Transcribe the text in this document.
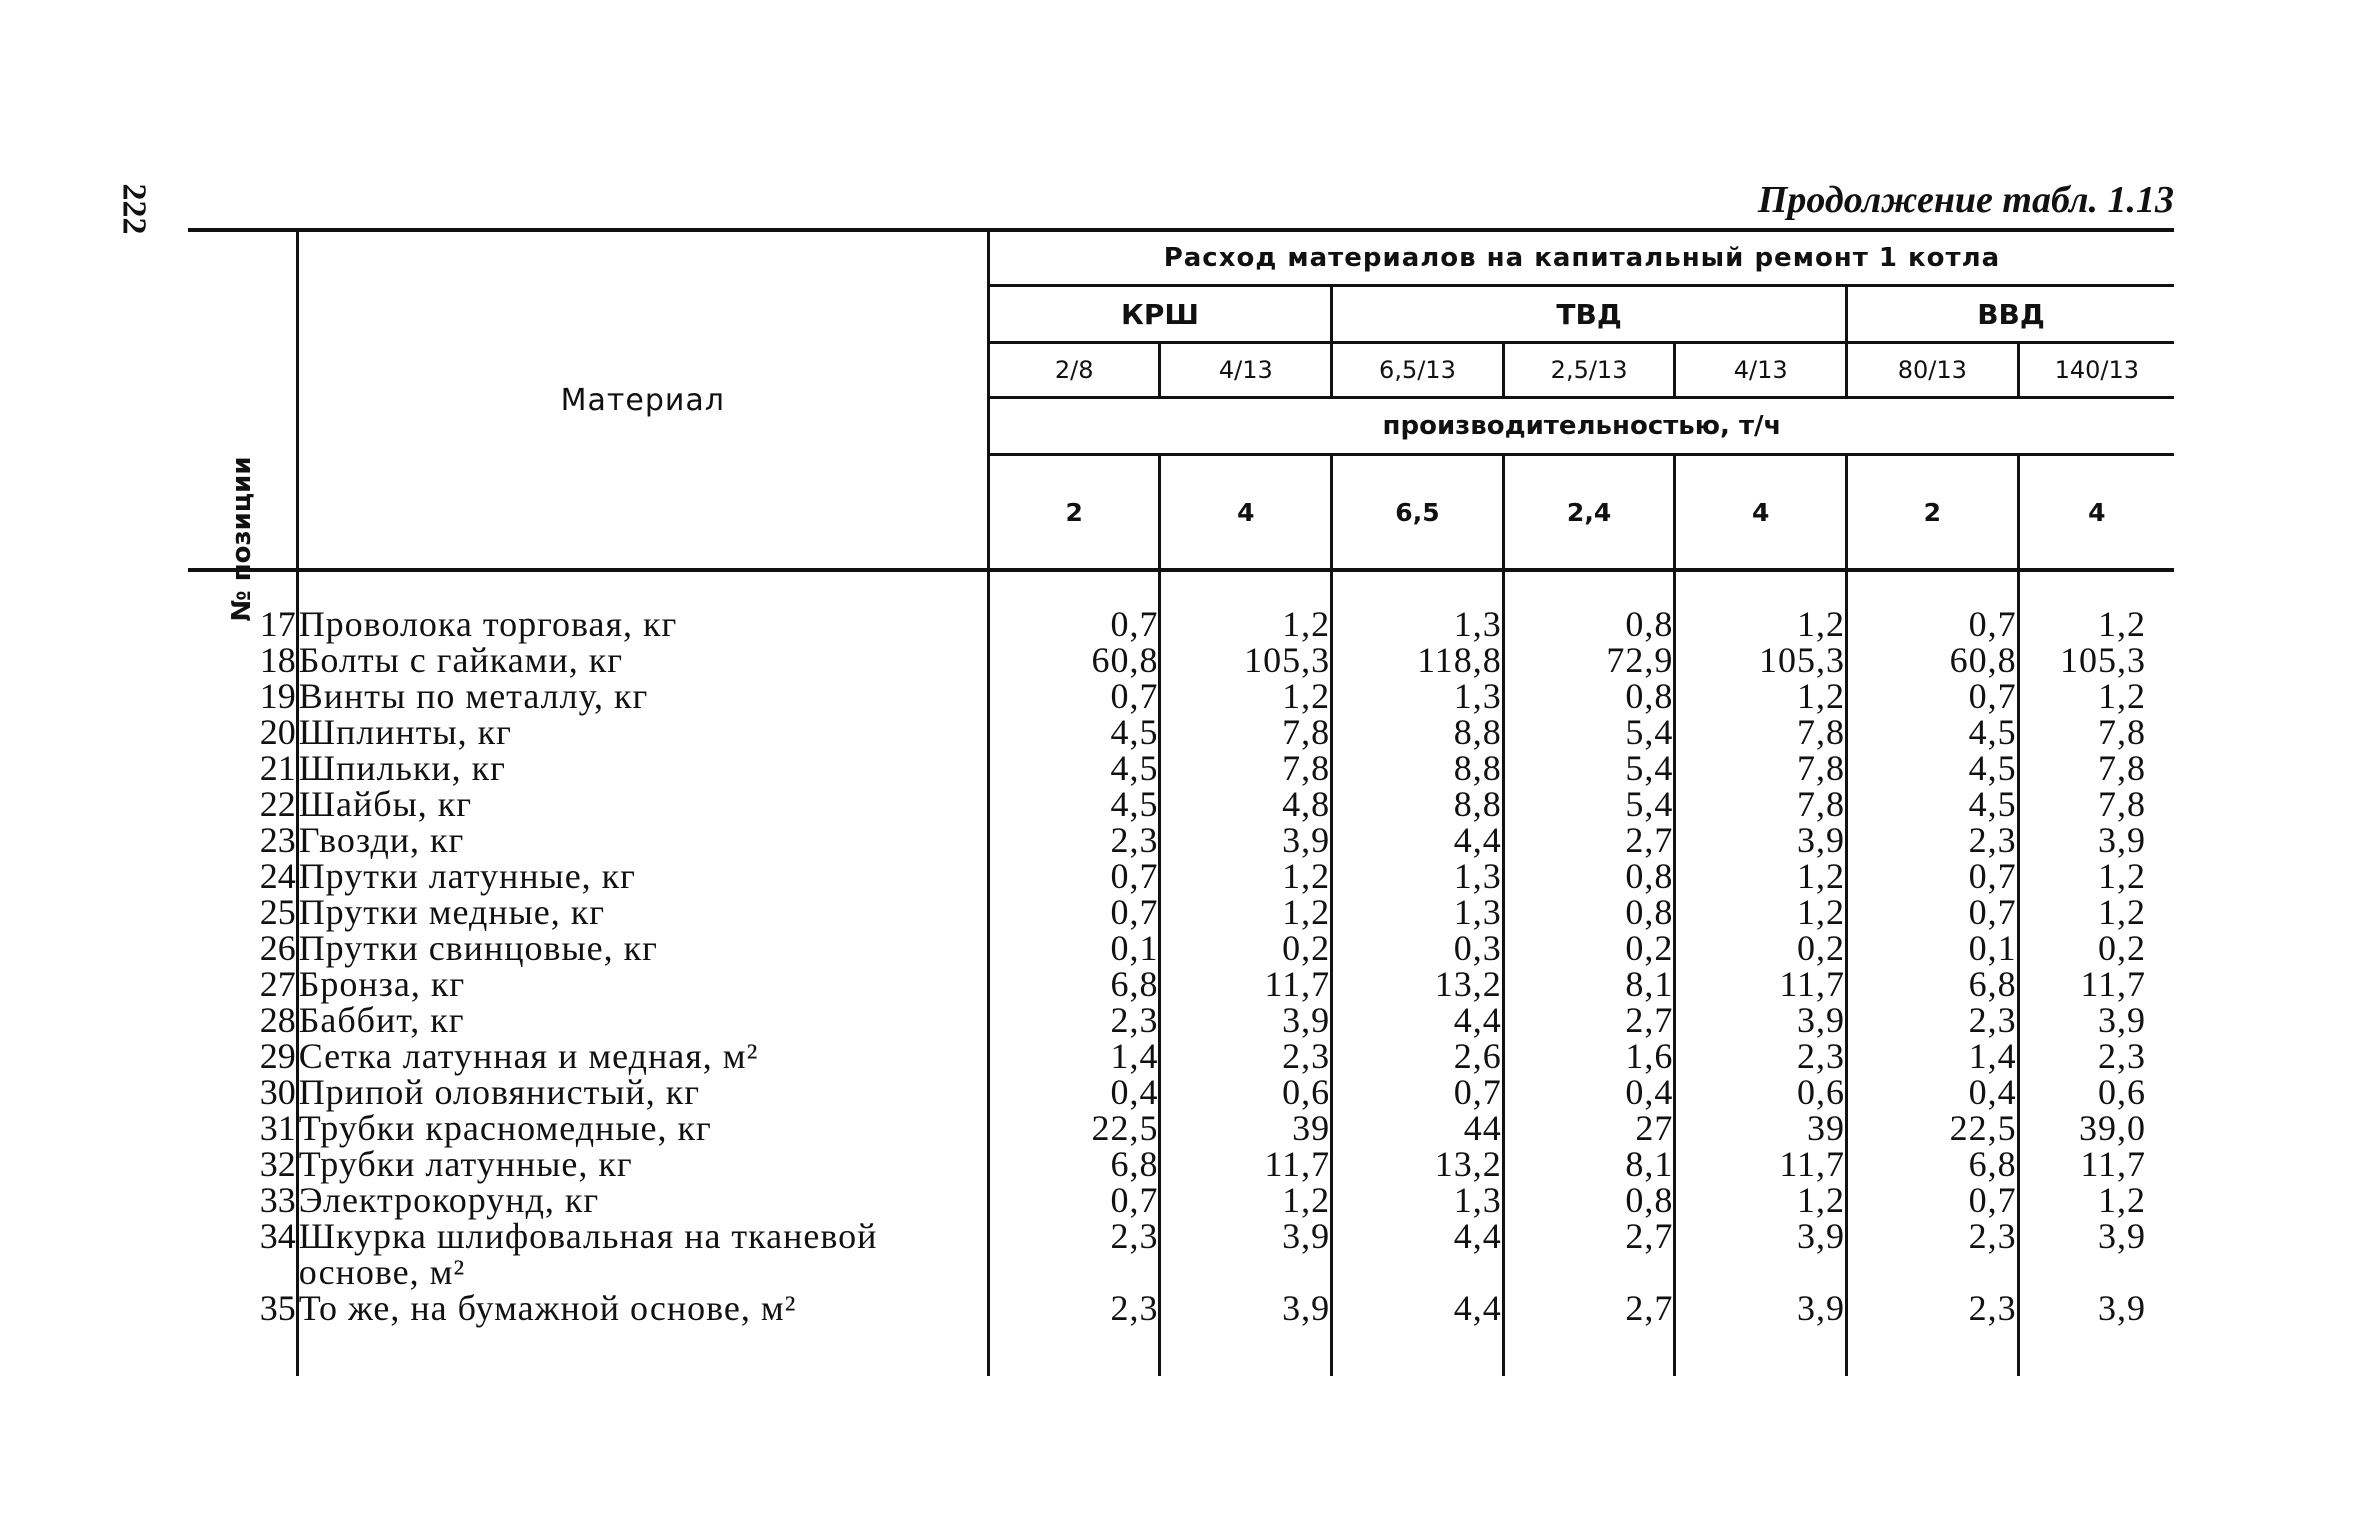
222	Продолжение табл. 1.13

№ позиции	Материал	Расход материалов на капитальный ремонт 1 котла						
		КРШ		ТВД			ВВД	
		2/8	4/13	6,5/13	2,5/13	4/13	80/13	140/13
		производительностью, т/ч						
		2	4	6,5	2,4	4	2	4

17	Проволока торговая, кг	0,7	1,2	1,3	0,8	1,2	0,7	1,2
18	Болты с гайками, кг	60,8	105,3	118,8	72,9	105,3	60,8	105,3
19	Винты по металлу, кг	0,7	1,2	1,3	0,8	1,2	0,7	1,2
20	Шплинты, кг	4,5	7,8	8,8	5,4	7,8	4,5	7,8
21	Шпильки, кг	4,5	7,8	8,8	5,4	7,8	4,5	7,8
22	Шайбы, кг	4,5	4,8	8,8	5,4	7,8	4,5	7,8
23	Гвозди, кг	2,3	3,9	4,4	2,7	3,9	2,3	3,9
24	Прутки латунные, кг	0,7	1,2	1,3	0,8	1,2	0,7	1,2
25	Прутки медные, кг	0,7	1,2	1,3	0,8	1,2	0,7	1,2
26	Прутки свинцовые, кг	0,1	0,2	0,3	0,2	0,2	0,1	0,2
27	Бронза, кг	6,8	11,7	13,2	8,1	11,7	6,8	11,7
28	Баббит, кг	2,3	3,9	4,4	2,7	3,9	2,3	3,9
29	Сетка латунная и медная, м²	1,4	2,3	2,6	1,6	2,3	1,4	2,3
30	Припой оловянистый, кг	0,4	0,6	0,7	0,4	0,6	0,4	0,6
31	Трубки красномедные, кг	22,5	39	44	27	39	22,5	39,0
32	Трубки латунные, кг	6,8	11,7	13,2	8,1	11,7	6,8	11,7
33	Электрокорунд, кг	0,7	1,2	1,3	0,8	1,2	0,7	1,2
34	Шкурка шлифовальная на тканевой основе, м²	2,3	3,9	4,4	2,7	3,9	2,3	3,9
35	То же, на бумажной основе, м²	2,3	3,9	4,4	2,7	3,9	2,3	3,9
